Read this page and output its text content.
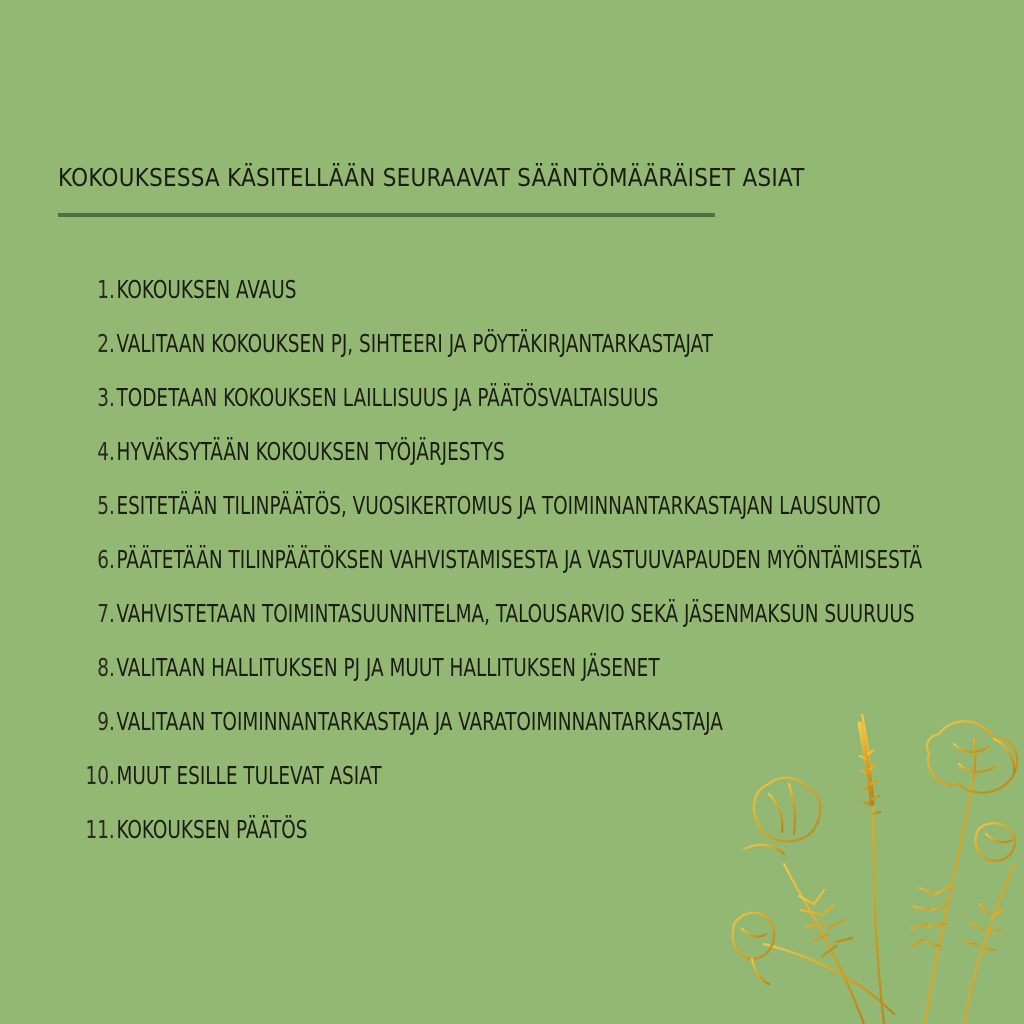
KOKOUKSESSA KÄSITELLÄÄN SEURAAVAT SÄÄNTÖMÄÄRÄISET ASIAT
1. KOKOUKSEN AVAUS
2. VALITAAN KOKOUKSEN PJ, SIHTEERI JA PÖYTÄKIRJANTARKASTAJAT
3. TODETAAN KOKOUKSEN LAILLISUUS JA PÄÄTÖSVALTAISUUS
4. HYVÄKSYTÄÄN KOKOUKSEN TYÖJÄRJESTYS
5. ESITETÄÄN TILINPÄÄTÖS, VUOSIKERTOMUS JA TOIMINNANTARKASTAJAN LAUSUNTO
6. PÄÄTETÄÄN TILINPÄÄTÖKSEN VAHVISTAMISESTA JA VASTUUVAPAUDEN MYÖNTÄMISESTÄ
7. VAHVISTETAAN TOIMINTASUUNNITELMA, TALOUSARVIO SEKÄ JÄSENMAKSUN SUURUUS
8. VALITAAN HALLITUKSEN PJ JA MUUT HALLITUKSEN JÄSENET
9. VALITAAN TOIMINNANTARKASTAJA JA VARATOIMINNANTARKASTAJA
10. MUUT ESILLE TULEVAT ASIAT
11. KOKOUKSEN PÄÄTÖS
